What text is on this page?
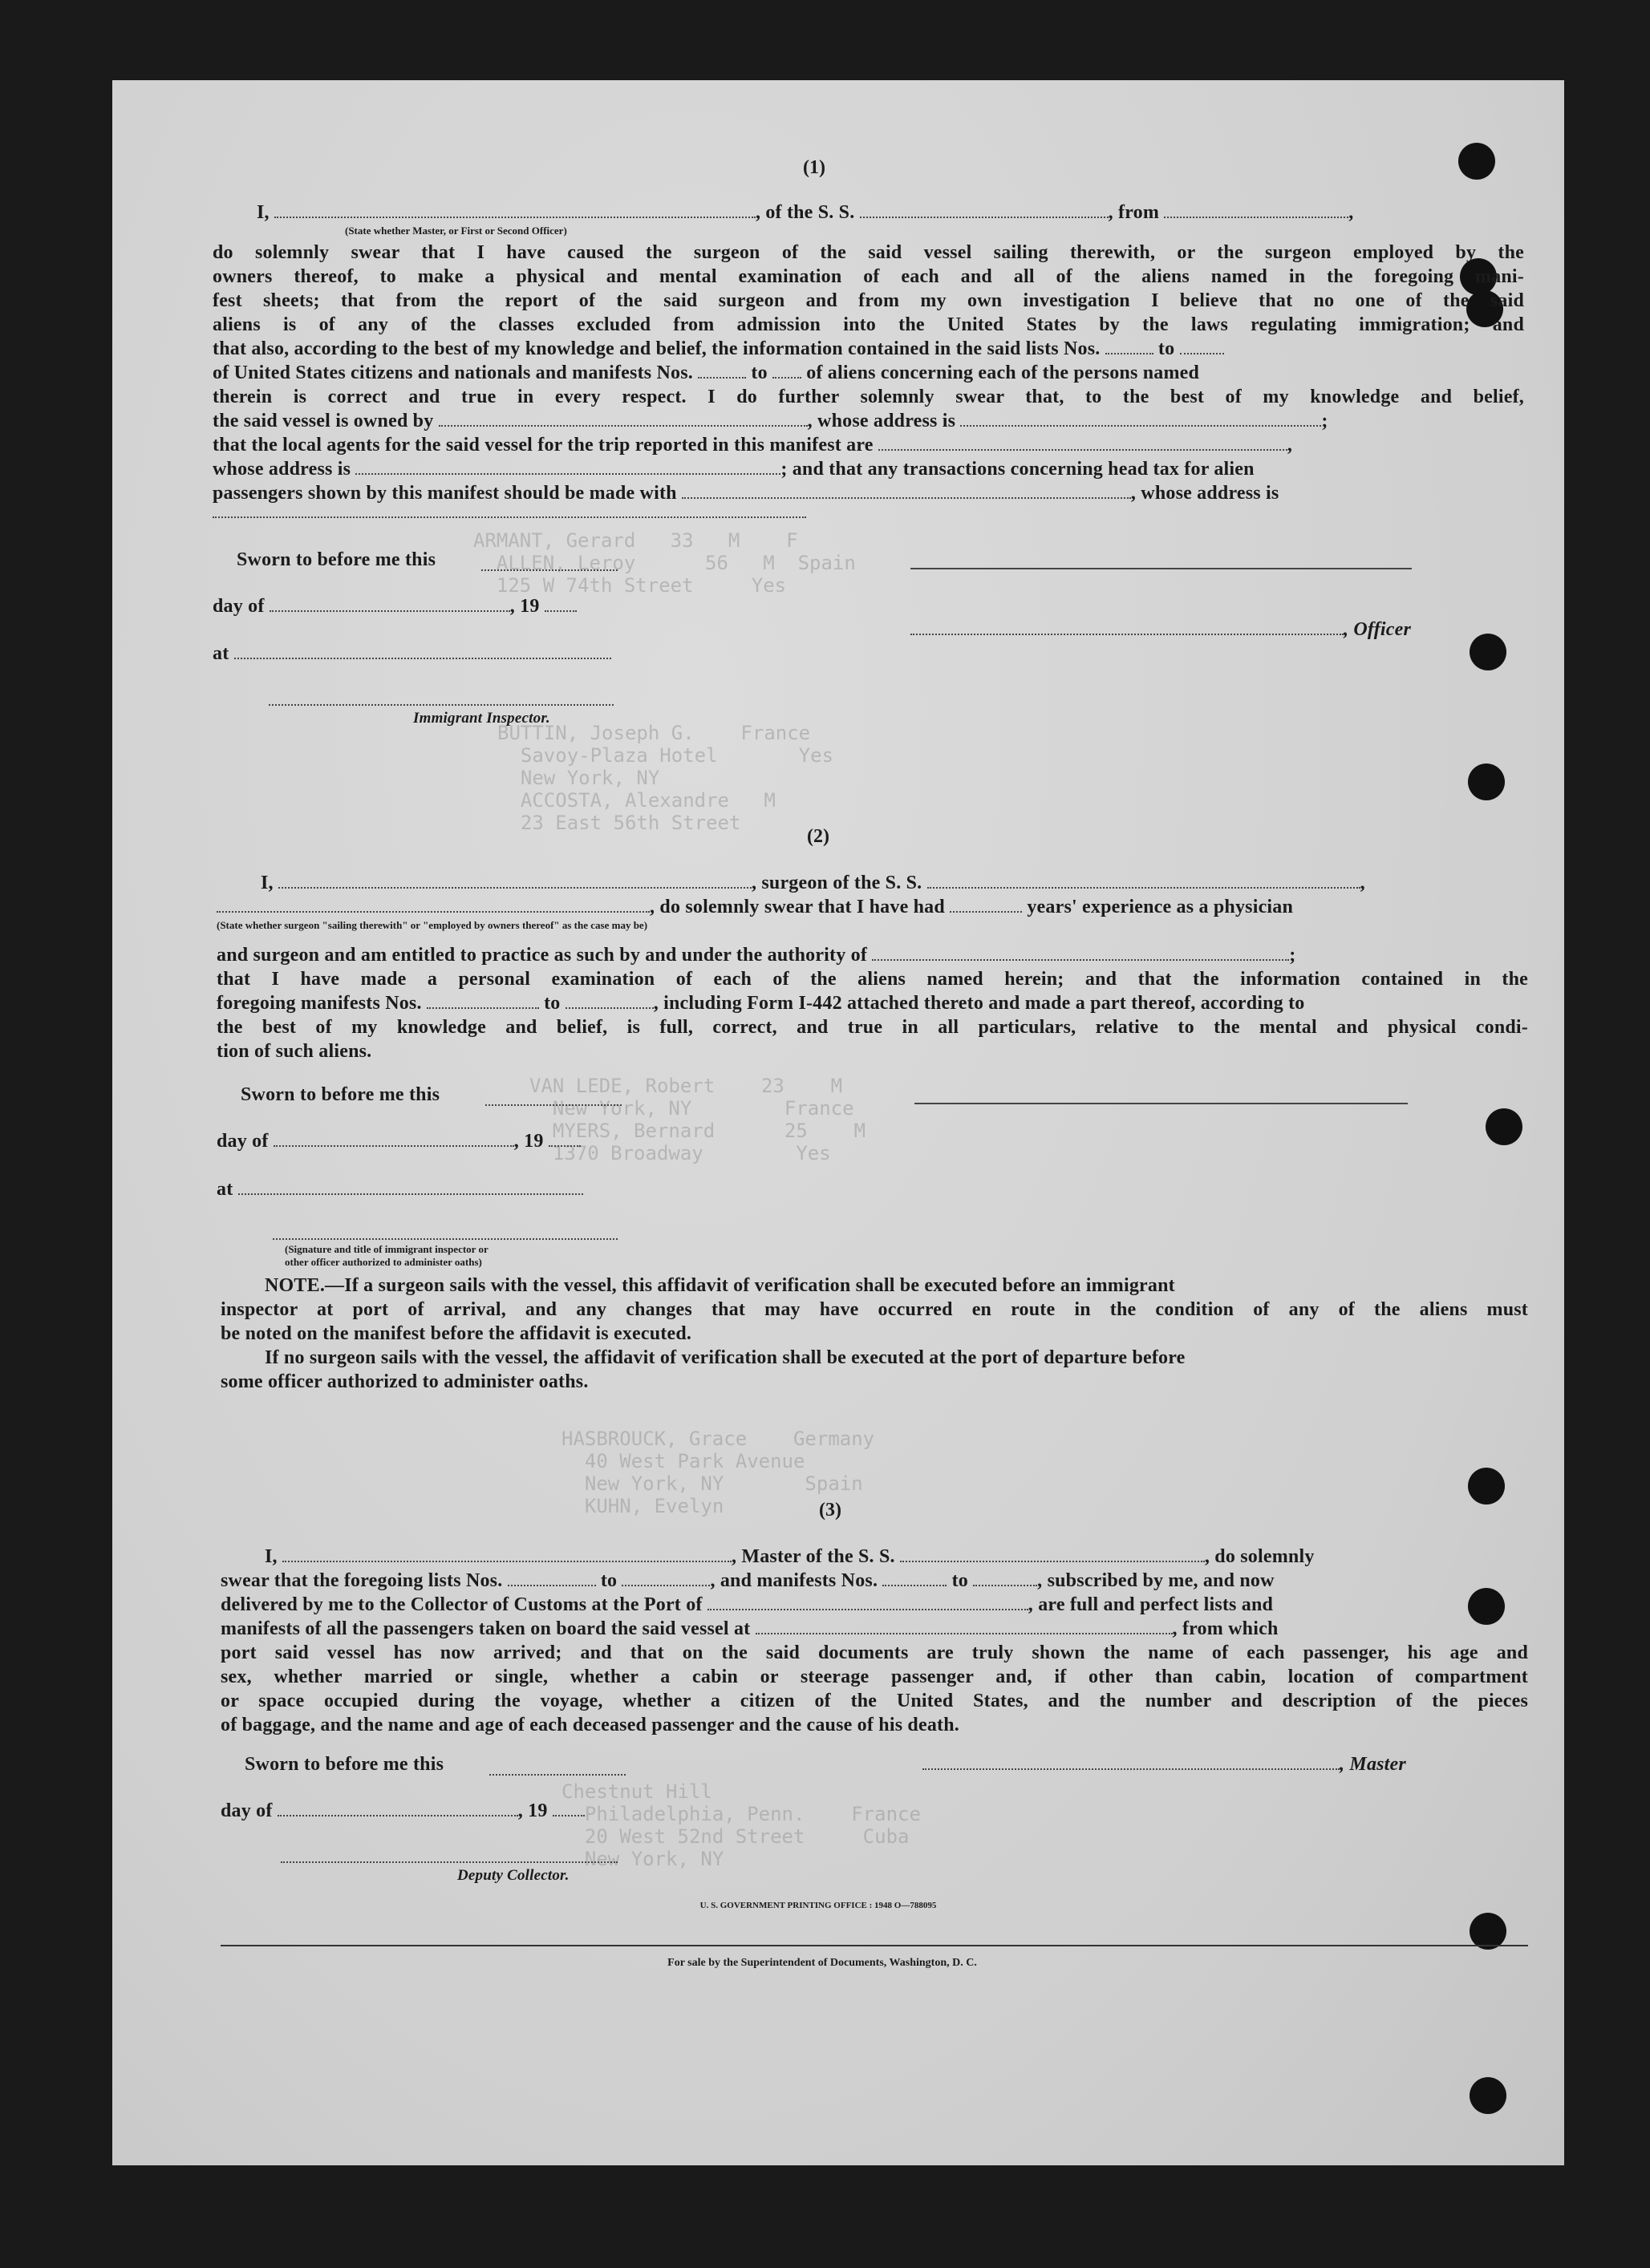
ARMANT, Gerard   33   M    F
ALLEN, Leroy      56   M  Spain
125 W 74th Street     Yes
BUTTIN, Joseph G.    France
Savoy-Plaza Hotel       Yes
New York, NY
ACCOSTA, Alexandre   M
23 East 56th Street
VAN LEDE, Robert    23    M
New York, NY        France
MYERS, Bernard      25    M
1370 Broadway        Yes
HASBROUCK, Grace    Germany
40 West Park Avenue
New York, NY       Spain
KUHN, Evelyn
Chestnut Hill
Philadelphia, Penn.    France
20 West 52nd Street     Cuba
New York, NY
(1)
I,	, of the S. S.	, from	,
(State whether Master, or First or Second Officer)
do solemnly swear that I have caused the surgeon of the said vessel sailing therewith, or the surgeon employed by the
owners thereof, to make a physical and mental examination of each and all of the aliens named in the foregoing mani-
fest sheets; that from the report of the said surgeon and from my own investigation I believe that no one of the said
aliens is of any of the classes excluded from admission into the United States by the laws regulating immigration; and
that also, according to the best of my knowledge and belief, the information contained in the said lists Nos.	to
of United States citizens and nationals and manifests Nos.	to of aliens concerning each of the persons named
therein is correct and true in every respect. I do further solemnly swear that, to the best of my knowledge and belief,
the said vessel is owned by	, whose address is	;
that the local agents for the said vessel for the trip reported in this manifest are	,
whose address is	; and that any transactions concerning head tax for alien
passengers shown by this manifest should be made with	, whose address is
Sworn to before me this
day of	, 19
, Officer
at
Immigrant Inspector.
(2)
I,	, surgeon of the S. S.	,
, do solemnly swear that I have had	years' experience as a physician
(State whether surgeon "sailing therewith" or "employed by owners thereof" as the case may be)
and surgeon and am entitled to practice as such by and under the authority of	;
that I have made a personal examination of each of the aliens named herein; and that the information contained in the
foregoing manifests Nos.	to	, including Form I-442 attached thereto and made a part thereof, according to
the best of my knowledge and belief, is full, correct, and true in all particulars, relative to the mental and physical condi-
tion of such aliens.
Sworn to before me this
day of	, 19
at
(Signature and title of immigrant inspector or
other officer authorized to administer oaths)
NOTE.—If a surgeon sails with the vessel, this affidavit of verification shall be executed before an immigrant
inspector at port of arrival, and any changes that may have occurred en route in the condition of any of the aliens must
be noted on the manifest before the affidavit is executed.
If no surgeon sails with the vessel, the affidavit of verification shall be executed at the port of departure before
some officer authorized to administer oaths.
(3)
I,	, Master of the S. S.	, do solemnly
swear that the foregoing lists Nos.	to	, and manifests Nos.	to	, subscribed by me, and now
delivered by me to the Collector of Customs at the Port of	, are full and perfect lists and
manifests of all the passengers taken on board the said vessel at	, from which
port said vessel has now arrived; and that on the said documents are truly shown the name of each passenger, his age and
sex, whether married or single, whether a cabin or steerage passenger and, if other than cabin, location of compartment
or space occupied during the voyage, whether a citizen of the United States, and the number and description of the pieces
of baggage, and the name and age of each deceased passenger and the cause of his death.
Sworn to before me this	, Master
day of	, 19
Deputy Collector.
U. S. GOVERNMENT PRINTING OFFICE : 1948 O—788095
For sale by the Superintendent of Documents, Washington, D. C.
